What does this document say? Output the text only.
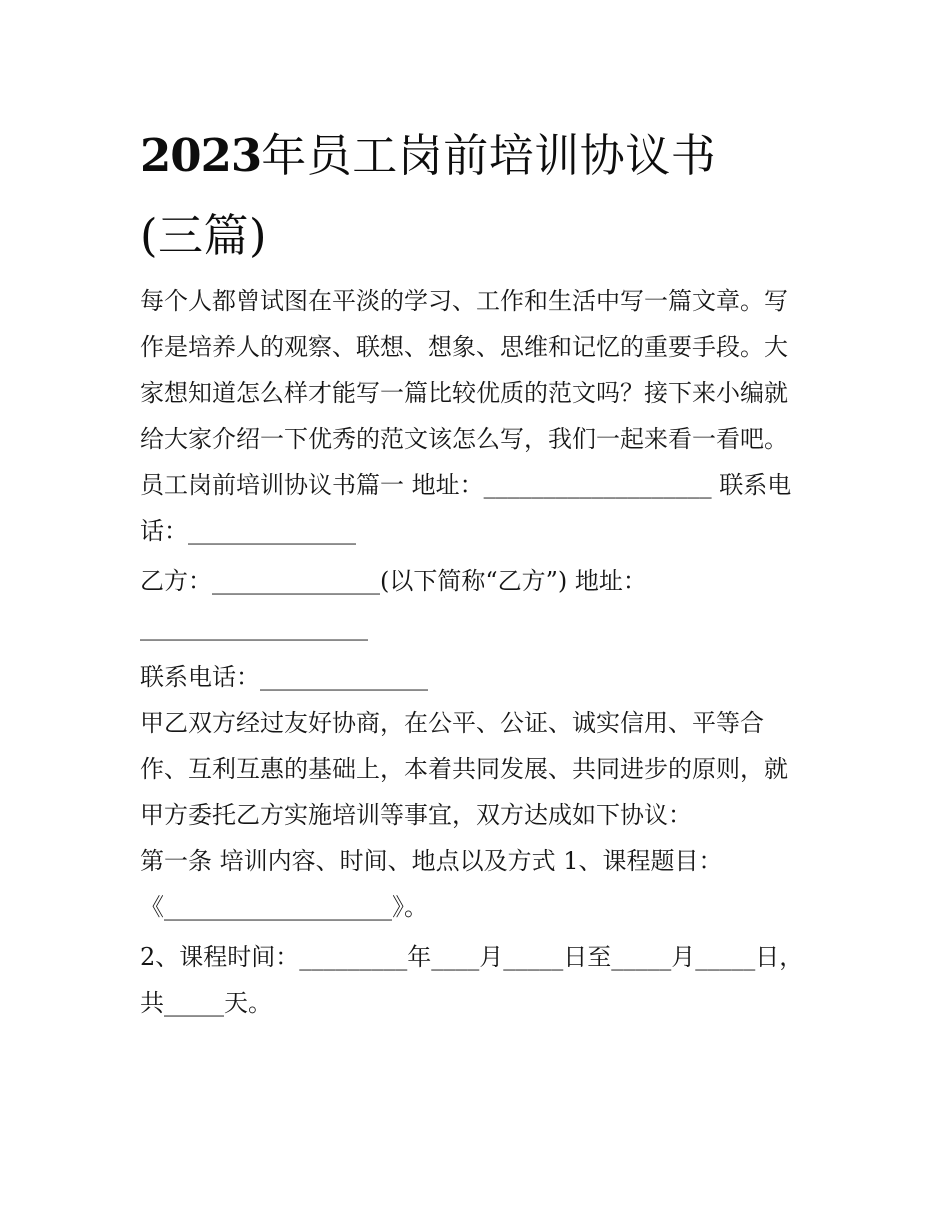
2023年员工岗前培训协议书
(三篇)
每个人都曾试图在平淡的学习、工作和生活中写一篇文章。写
作是培养人的观察、联想、想象、思维和记忆的重要手段。大
家想知道怎么样才能写一篇比较优质的范文吗？接下来小编就
给大家介绍一下优秀的范文该怎么写，我们一起来看一看吧。
员工岗前培训协议书篇一 地址：___________________ 联系电
话：______________
乙方：______________(以下简称“乙方”) 地址：
___________________
联系电话：______________
甲乙双方经过友好协商，在公平、公证、诚实信用、平等合
作、互利互惠的基础上，本着共同发展、共同进步的原则，就
甲方委托乙方实施培训等事宜，双方达成如下协议：
第一条 培训内容、时间、地点以及方式 1、课程题目：
《___________________》。
2、课程时间：_________年____月_____日至_____月_____日，
共_____天。
